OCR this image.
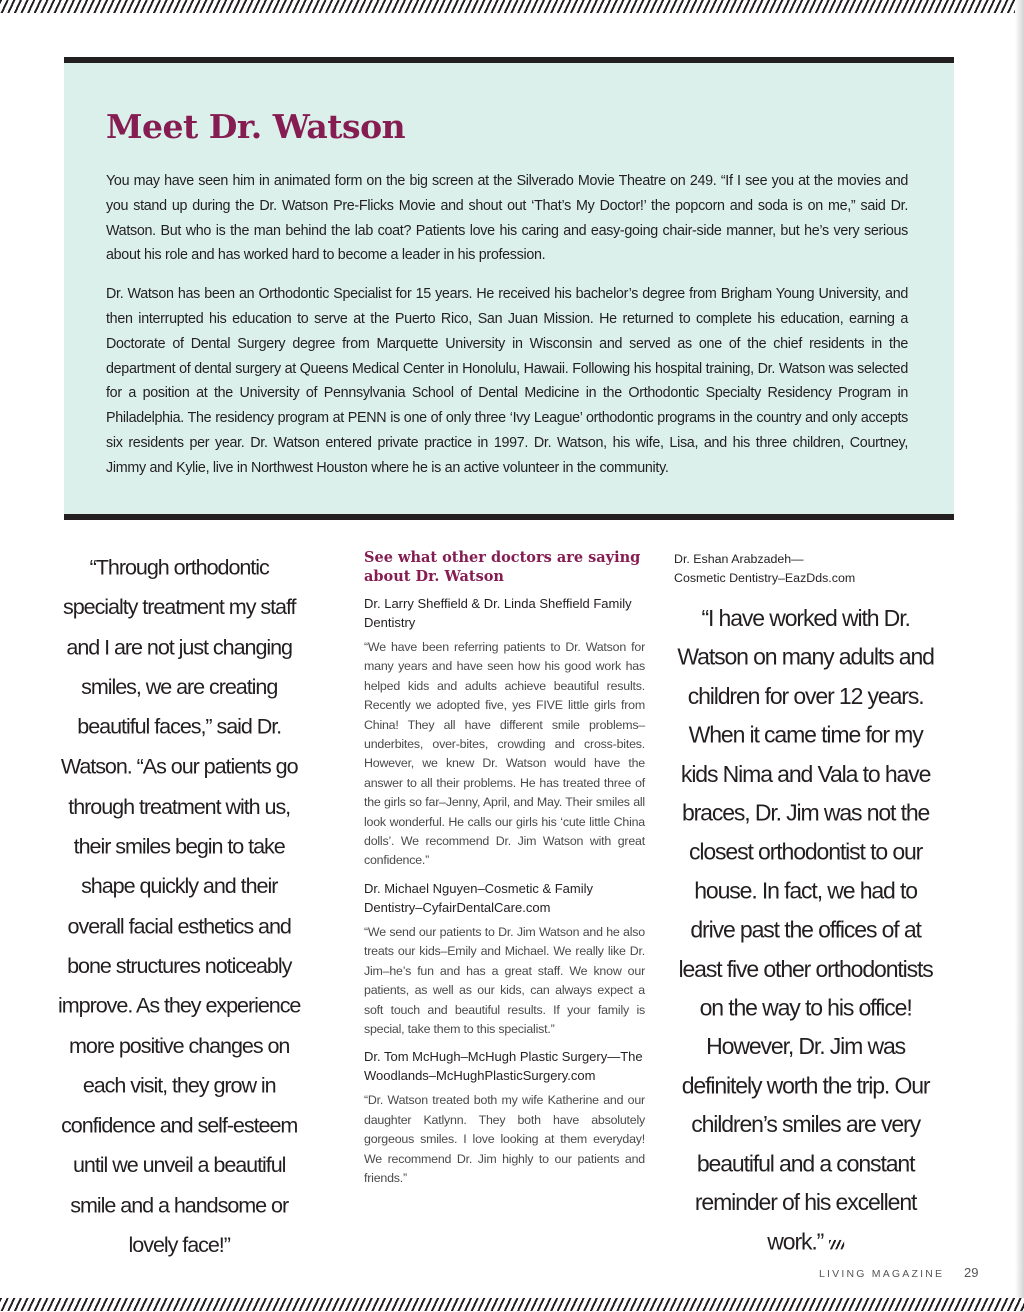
Meet Dr. Watson

You may have seen him in animated form on the big screen at the Silverado Movie Theatre on 249. “If I see you at the movies and you stand up during the Dr. Watson Pre-Flicks Movie and shout out ‘That’s My Doctor!’ the popcorn and soda is on me,” said Dr. Watson. But who is the man behind the lab coat? Patients love his caring and easy-going chair-side manner, but he’s very serious about his role and has worked hard to become a leader in his profession.

Dr. Watson has been an Orthodontic Specialist for 15 years. He received his bachelor’s degree from Brigham Young University, and then interrupted his education to serve at the Puerto Rico, San Juan Mission. He returned to complete his education, earning a Doctorate of Dental Surgery degree from Marquette University in Wisconsin and served as one of the chief residents in the department of dental surgery at Queens Medical Center in Honolulu, Hawaii. Following his hospital training, Dr. Watson was selected for a position at the University of Pennsylvania School of Dental Medicine in the Orthodontic Specialty Residency Program in Philadelphia. The residency program at PENN is one of only three ‘Ivy League’ orthodontic programs in the country and only accepts six residents per year. Dr. Watson entered private practice in 1997. Dr. Watson, his wife, Lisa, and his three children, Courtney, Jimmy and Kylie, live in Northwest Houston where he is an active volunteer in the community.

“Through orthodontic specialty treatment my staff and I are not just changing smiles, we are creating beautiful faces,” said Dr. Watson. “As our patients go through treatment with us, their smiles begin to take shape quickly and their overall facial esthetics and bone structures noticeably improve. As they experience more positive changes on each visit, they grow in confidence and self-esteem until we unveil a beautiful smile and a handsome or lovely face!”
See what other doctors are saying about Dr. Watson
Dr. Larry Sheffield & Dr. Linda Sheffield Family Dentistry

“We have been referring patients to Dr. Watson for many years and have seen how his good work has helped kids and adults achieve beautiful results. Recently we adopted five, yes FIVE little girls from China! They all have different smile problems–underbites, over-bites, crowding and cross-bites. However, we knew Dr. Watson would have the answer to all their problems. He has treated three of the girls so far–Jenny, April, and May. Their smiles all look wonderful. He calls our girls his ‘cute little China dolls’. We recommend Dr. Jim Watson with great confidence.”

Dr. Michael Nguyen–Cosmetic & Family Dentistry–CyfairDentalCare.com

“We send our patients to Dr. Jim Watson and he also treats our kids–Emily and Michael. We really like Dr. Jim–he’s fun and has a great staff. We know our patients, as well as our kids, can always expect a soft touch and beautiful results. If your family is special, take them to this specialist.”

Dr. Tom McHugh–McHugh Plastic Surgery—The Woodlands–McHughPlasticSurgery.com

“Dr. Watson treated both my wife Katherine and our daughter Katlynn. They both have absolutely gorgeous smiles. I love looking at them everyday! We recommend Dr. Jim highly to our patients and friends.”

Dr. Eshan Arabzadeh—
Cosmetic Dentistry–EazDds.com
“I have worked with Dr. Watson on many adults and children for over 12 years. When it came time for my kids Nima and Vala to have braces, Dr. Jim was not the closest orthodontist to our house. In fact, we had to drive past the offices of at least five other orthodontists on the way to his office! However, Dr. Jim was definitely worth the trip. Our children’s smiles are very beautiful and a constant reminder of his excellent work.”
LIVING MAGAZINE 29
